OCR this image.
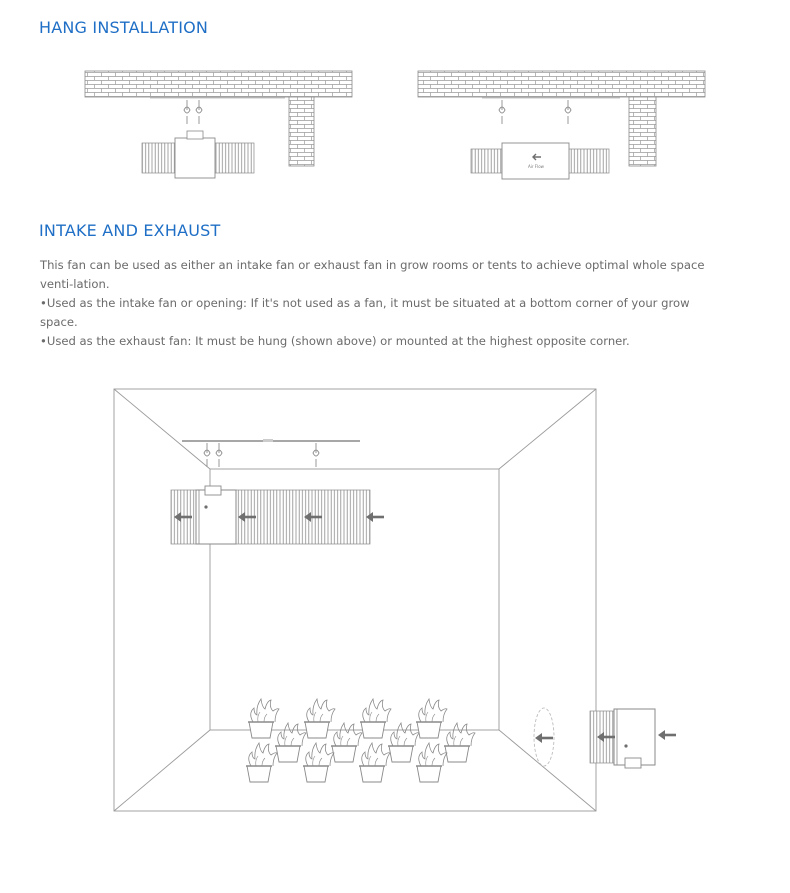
HANG INSTALLATION
Air Flow
INTAKE AND EXHAUST

This fan can be used as either an intake fan or exhaust fan in grow rooms or tents to achieve optimal whole space venti-lation.

•Used as the intake fan or opening: If it's not used as a fan, it must be situated at a bottom corner of your grow space.

•Used as the exhaust fan: It must be hung (shown above) or mounted at the highest opposite corner.
